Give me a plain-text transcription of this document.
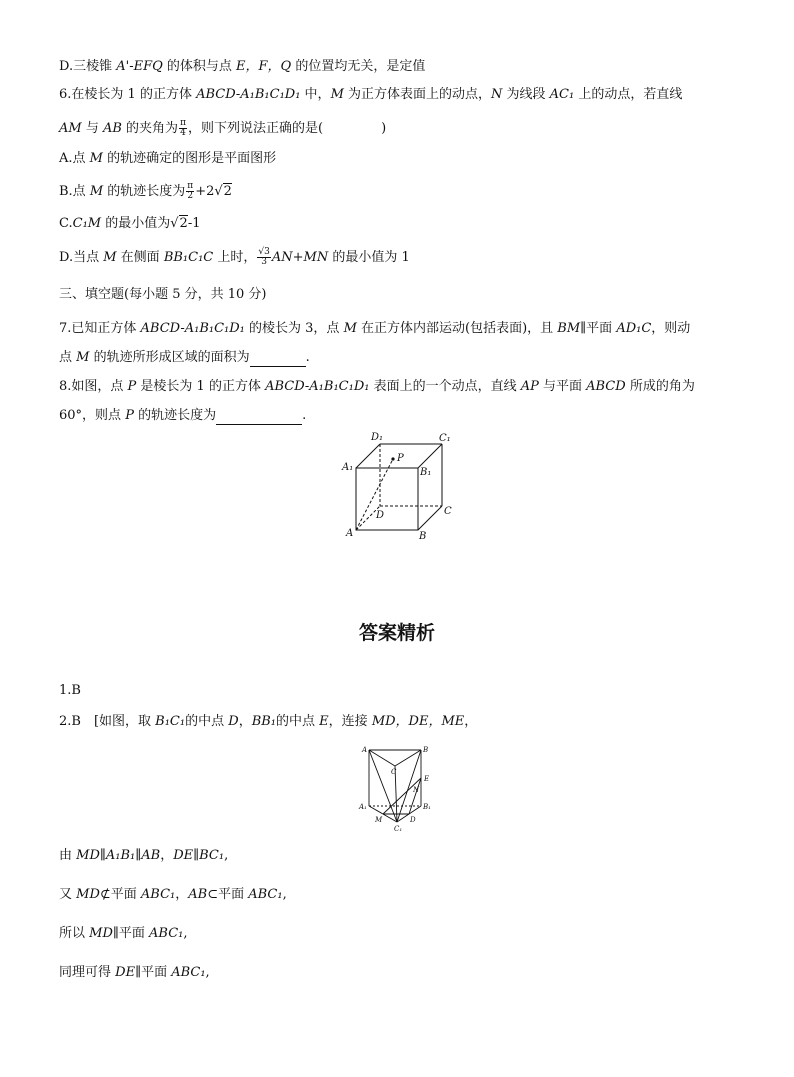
D.三棱锥 A'-EFQ 的体积与点 E，F，Q 的位置均无关，是定值
6.在棱长为 1 的正方体 ABCD-A₁B₁C₁D₁ 中，M 为正方体表面上的动点，N 为线段 AC₁ 上的动点，若直线
AM 与 AB 的夹角为 $\frac{\pi}{4}$ ，则下列说法正确的是(	)
A.点 M 的轨迹确定的图形是平面图形
B.点 M 的轨迹长度为 $\frac{\pi}{2} +2√2$
C.C₁M 的最小值为√2-1
D.当点 M 在侧面 BB₁C₁C 上时， $\frac{√3}{3} AN+MN$ 的最小值为 1
三、填空题(每小题 5 分，共 10 分)
7.已知正方体 ABCD-A₁B₁C₁D₁ 的棱长为 3，点 M 在正方体内部运动(包括表面)，且 BM∥平面 AD₁C，则动
点 M 的轨迹所形成区域的面积为	.
8.如图，点 P 是棱长为 1 的正方体 ABCD-A₁B₁C₁D₁ 表面上的一个动点，直线 AP 与平面 ABCD 所成的角为
60°，则点 P 的轨迹长度为	.
D₁	C₁
A₁	B₁
P
D	C
A	B
答案精析
1.B
2.B　[如图，取 B₁C₁的中点 D，BB₁的中点 E，连接 MD，DE，ME，
A	B
C
E
N
A₁	B₁
M	D
C₁
由 MD∥A₁B₁∥AB，DE∥BC₁,
又 MD⊄平面 ABC₁，AB⊂平面 ABC₁,
所以 MD∥平面 ABC₁,
同理可得 DE∥平面 ABC₁,
